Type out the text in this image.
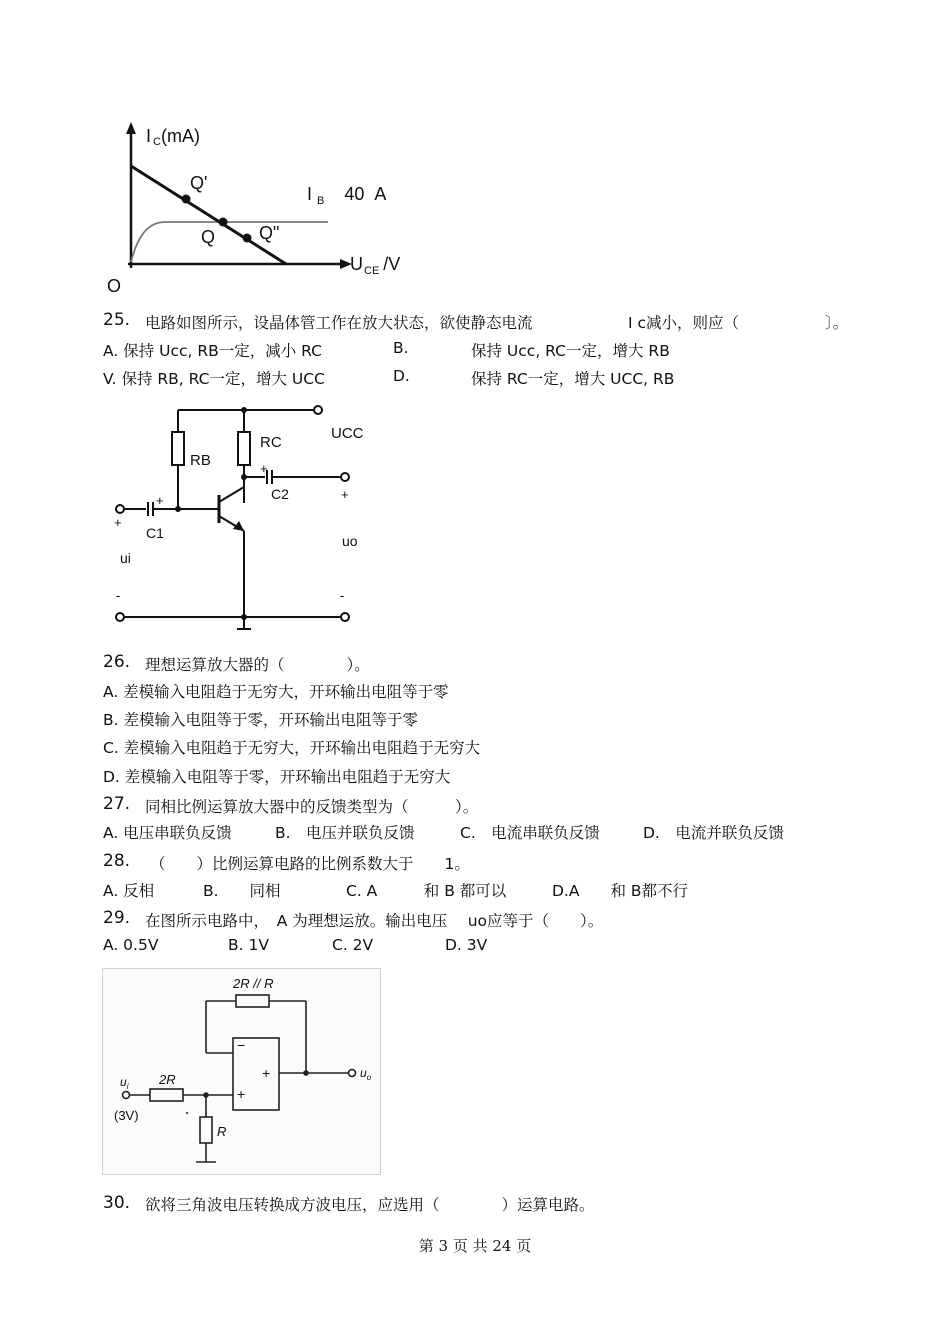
I C(mA)
I $_B$ 40 A
Q'
Q Q"
$U_{CE}$ /V
O
25. 电路如图所示，设晶体管工作在放大状态，欲使静态电流	I c减小，则应（	〕。
A. 保持 Ucc, RB一定，减小 RC	B.	保持 Ucc, RC一定，增大 RB
V. 保持 RB, RC一定，增大 UCC	D.	保持 RC一定，增大 UCC, RB
UCC
RB
RC
C1
C2
+
+
+
+
ui
uo
-	-
26. 理想运算放大器的（　　　　）。
A. 差模输入电阻趋于无穷大，开环输出电阻等于零
B. 差模输入电阻等于零，开环输出电阻等于零
C. 差模输入电阻趋于无穷大，开环输出电阻趋于无穷大
D. 差模输入电阻等于零，开环输出电阻趋于无穷大
27. 同相比例运算放大器中的反馈类型为（　　　）。
A. 电压串联负反馈	B.　电压并联负反馈	C.　电流串联负反馈	D.　电流并联负反馈
28. （　　）比例运算电路的比例系数大于　　1。
A. 反相	B.　　同相	C. A　　　和 B 都可以	D.A　　和 B都不行
29. 在图所示电路中，　A 为理想运放。输出电压　 uo应等于（　　）。
A. 0.5V	B. 1V	C. 2V	D. 3V
2R // R
2R
R
−
+
+
$u_i$
(3V)
$u_o$
30. 欲将三角波电压转换成方波电压，应选用（　　　　）运算电路。
第 3 页 共 24 页
